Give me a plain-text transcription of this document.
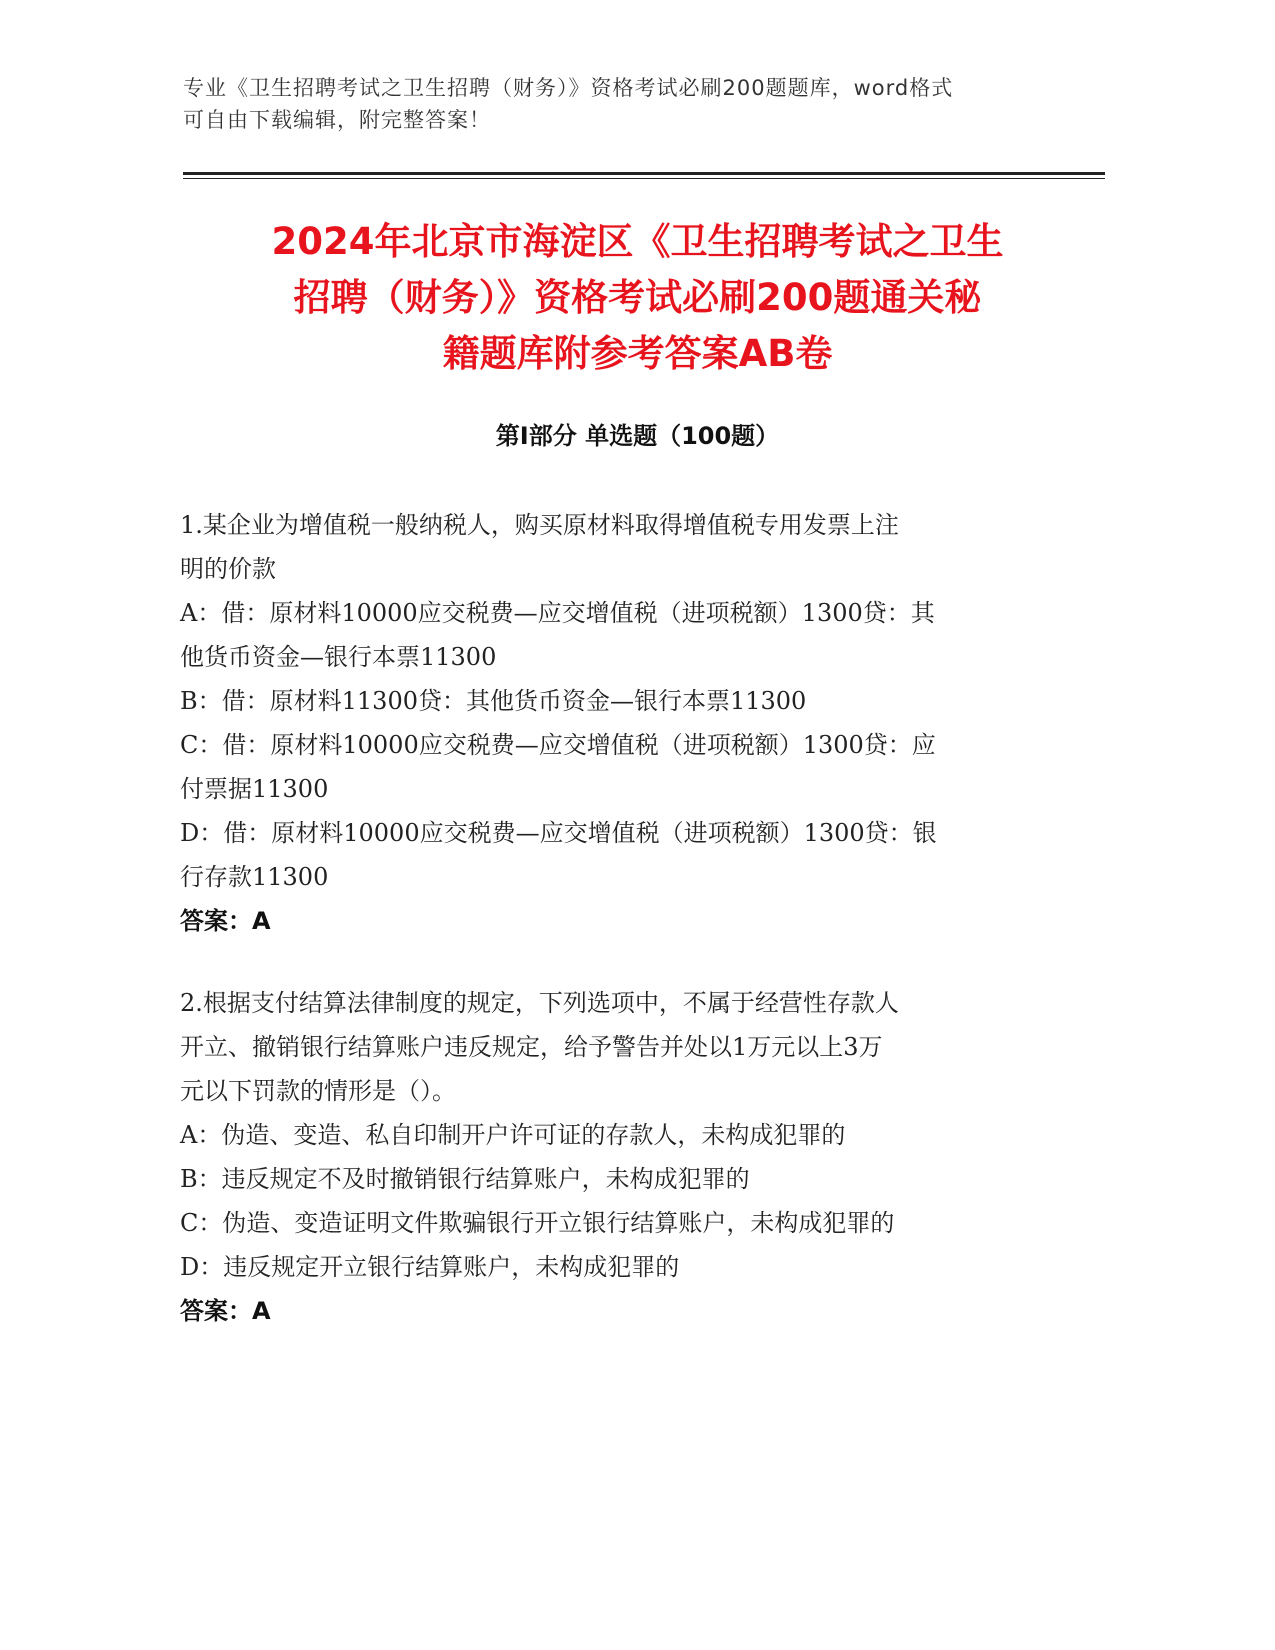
专业《卫生招聘考试之卫生招聘（财务）》资格考试必刷200题题库，word格式
可自由下载编辑，附完整答案！
2024年北京市海淀区《卫生招聘考试之卫生
招聘（财务）》资格考试必刷200题通关秘
籍题库附参考答案AB卷
第Ⅰ部分 单选题（100题）
1.某企业为增值税一般纳税人，购买原材料取得增值税专用发票上注
明的价款
A：借：原材料10000应交税费—应交增值税（进项税额）1300贷：其
他货币资金—银行本票11300
B：借：原材料11300贷：其他货币资金—银行本票11300
C：借：原材料10000应交税费—应交增值税（进项税额）1300贷：应
付票据11300
D：借：原材料10000应交税费—应交增值税（进项税额）1300贷：银
行存款11300
答案：A
2.根据支付结算法律制度的规定，下列选项中，不属于经营性存款人
开立、撤销银行结算账户违反规定，给予警告并处以1万元以上3万
元以下罚款的情形是（）。
A：伪造、变造、私自印制开户许可证的存款人，未构成犯罪的
B：违反规定不及时撤销银行结算账户，未构成犯罪的
C：伪造、变造证明文件欺骗银行开立银行结算账户，未构成犯罪的
D：违反规定开立银行结算账户，未构成犯罪的
答案：A
